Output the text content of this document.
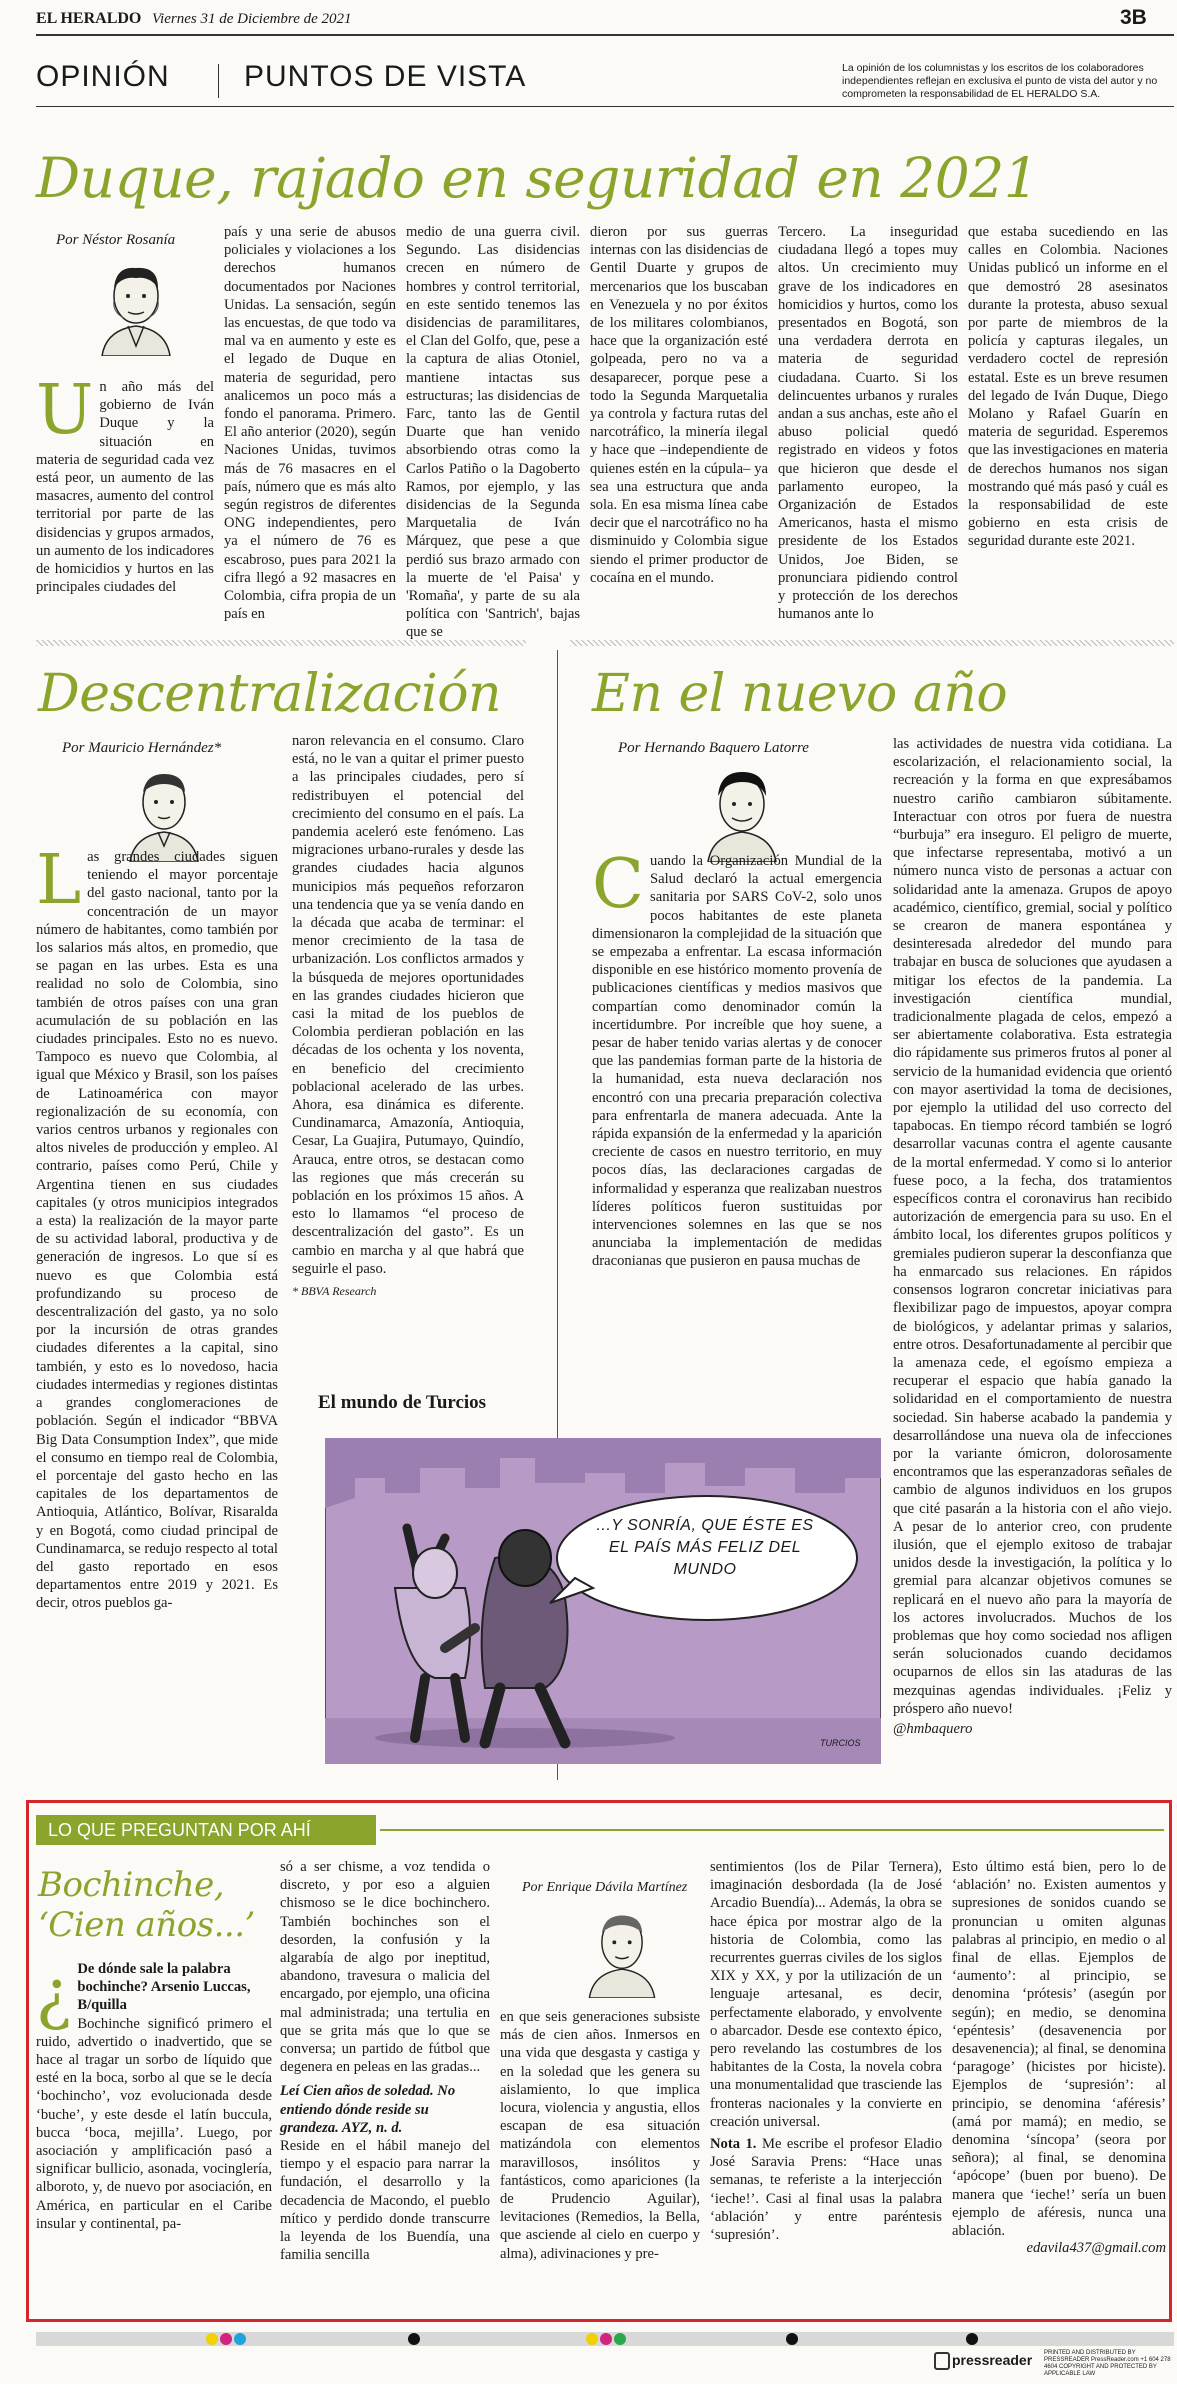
EL HERALDO Viernes 31 de Diciembre de 2021	3B
OPINIÓN PUNTOS DE VISTA	La opinión de los columnistas y los escritos de los colaboradores independientes reflejan en exclusiva el punto de vista del autor y no comprometen la responsabilidad de EL HERALDO S.A.
Duque, rajado en seguridad en 2021
Por Néstor Rosanía
Un año más del gobierno de Iván Duque y la situación en materia de seguridad cada vez está peor, un aumento de las masacres, aumento del control territorial por parte de las disidencias y grupos armados, un aumento de los indicadores de homicidios y hurtos en las principales ciudades del
país y una serie de abusos policiales y violaciones a los derechos humanos documentados por Naciones Unidas. La sensación, según las encuestas, de que todo va mal va en aumento y este es el legado de Duque en materia de seguridad, pero analicemos un poco más a fondo el panorama. Primero. El año anterior (2020), según Naciones Unidas, tuvimos más de 76 masacres en el país, número que es más alto según registros de diferentes ONG independientes, pero ya el número de 76 es escabroso, pues para 2021 la cifra llegó a 92 masacres en Colombia, cifra propia de un país en
medio de una guerra civil. Segundo. Las disidencias crecen en número de hombres y control territorial, en este sentido tenemos las disidencias de paramilitares, el Clan del Golfo, que, pese a la captura de alias Otoniel, mantiene intactas sus estructuras; las disidencias de Farc, tanto las de Gentil Duarte que han venido absorbiendo otras como la Carlos Patiño o la Dagoberto Ramos, por ejemplo, y las disidencias de la Segunda Marquetalia de Iván Márquez, que pese a que perdió sus brazo armado con la muerte de 'el Paisa' y 'Romaña', y parte de su ala política con 'Santrich', bajas que se
dieron por sus guerras internas con las disidencias de Gentil Duarte y grupos de mercenarios que los buscaban en Venezuela y no por éxitos de los militares colombianos, hace que la organización esté golpeada, pero no va a desaparecer, porque pese a todo la Segunda Marquetalia ya controla y factura rutas del narcotráfico, la minería ilegal y hace que –independiente de quienes estén en la cúpula– ya sea una estructura que anda sola. En esa misma línea cabe decir que el narcotráfico no ha disminuido y Colombia sigue siendo el primer productor de cocaína en el mundo.
Tercero. La inseguridad ciudadana llegó a topes muy altos. Un crecimiento muy grave de los indicadores en homicidios y hurtos, como los presentados en Bogotá, son una verdadera derrota en materia de seguridad ciudadana. Cuarto. Si los delincuentes urbanos y rurales andan a sus anchas, este año el abuso policial quedó registrado en videos y fotos que hicieron que desde el parlamento europeo, la Organización de Estados Americanos, hasta el mismo presidente de los Estados Unidos, Joe Biden, se pronunciara pidiendo control y protección de los derechos humanos ante lo
que estaba sucediendo en las calles en Colombia. Naciones Unidas publicó un informe en el que demostró 28 asesinatos durante la protesta, abuso sexual por parte de miembros de la policía y capturas ilegales, un verdadero coctel de represión estatal. Este es un breve resumen del legado de Iván Duque, Diego Molano y Rafael Guarín en materia de seguridad. Esperemos que las investigaciones en materia de derechos humanos nos sigan mostrando qué más pasó y cuál es la responsabilidad de este gobierno en esta crisis de seguridad durante este 2021.
Descentralización
Por Mauricio Hernández*
Las grandes ciudades siguen teniendo el mayor porcentaje del gasto nacional, tanto por la concentración de un mayor número de habitantes, como también por los salarios más altos, en promedio, que se pagan en las urbes. Esta es una realidad no solo de Colombia, sino también de otros países con una gran acumulación de su población en las ciudades principales. Esto no es nuevo. Tampoco es nuevo que Colombia, al igual que México y Brasil, son los países de Latinoamérica con mayor regionalización de su economía, con varios centros urbanos y regionales con altos niveles de producción y empleo. Al contrario, países como Perú, Chile y Argentina tienen en sus ciudades capitales (y otros municipios integrados a esta) la realización de la mayor parte de su actividad laboral, productiva y de generación de ingresos. Lo que sí es nuevo es que Colombia está profundizando su proceso de descentralización del gasto, ya no solo por la incursión de otras grandes ciudades diferentes a la capital, sino también, y esto es lo novedoso, hacia ciudades intermedias y regiones distintas a grandes conglomeraciones de población. Según el indicador “BBVA Big Data Consumption Index”, que mide el consumo en tiempo real de Colombia, el porcentaje del gasto hecho en las capitales de los departamentos de Antioquia, Atlántico, Bolívar, Risaralda y en Bogotá, como ciudad principal de Cundinamarca, se redujo respecto al total del gasto reportado en esos departamentos entre 2019 y 2021. Es decir, otros pueblos ga-
naron relevancia en el consumo. Claro está, no le van a quitar el primer puesto a las principales ciudades, pero sí redistribuyen el potencial del crecimiento del consumo en el país. La pandemia aceleró este fenómeno. Las migraciones urbano-rurales y desde las grandes ciudades hacia algunos municipios más pequeños reforzaron una tendencia que ya se venía dando en la década que acaba de terminar: el menor crecimiento de la tasa de urbanización. Los conflictos armados y la búsqueda de mejores oportunidades en las grandes ciudades hicieron que casi la mitad de los pueblos de Colombia perdieran población en las décadas de los ochenta y los noventa, en beneficio del crecimiento poblacional acelerado de las urbes. Ahora, esa dinámica es diferente. Cundinamarca, Amazonía, Antioquia, Cesar, La Guajira, Putumayo, Quindío, Arauca, entre otros, se destacan como las regiones que más crecerán su población en los próximos 15 años. A esto lo llamamos “el proceso de descentralización del gasto”. Es un cambio en marcha y al que habrá que seguirle el paso.
* BBVA Research
En el nuevo año
Por Hernando Baquero Latorre
Cuando la Organización Mundial de la Salud declaró la actual emergencia sanitaria por SARS CoV-2, solo unos pocos habitantes de este planeta dimensionaron la complejidad de la situación que se empezaba a enfrentar. La escasa información disponible en ese histórico momento provenía de publicaciones científicas y medios masivos que compartían como denominador común la incertidumbre. Por increíble que hoy suene, a pesar de haber tenido varias alertas y de conocer que las pandemias forman parte de la historia de la humanidad, esta nueva declaración nos encontró con una precaria preparación colectiva para enfrentarla de manera adecuada. Ante la rápida expansión de la enfermedad y la aparición creciente de casos en nuestro territorio, en muy pocos días, las declaraciones cargadas de informalidad y esperanza que realizaban nuestros líderes políticos fueron sustituidas por intervenciones solemnes en las que se nos anunciaba la implementación de medidas draconianas que pusieron en pausa muchas de
las actividades de nuestra vida cotidiana. La escolarización, el relacionamiento social, la recreación y la forma en que expresábamos nuestro cariño cambiaron súbitamente. Interactuar con otros por fuera de nuestra “burbuja” era inseguro. El peligro de muerte, que infectarse representaba, motivó a un número nunca visto de personas a actuar con solidaridad ante la amenaza. Grupos de apoyo académico, científico, gremial, social y político se crearon de manera espontánea y desinteresada alrededor del mundo para trabajar en busca de soluciones que ayudasen a mitigar los efectos de la pandemia. La investigación científica mundial, tradicionalmente plagada de celos, empezó a ser abiertamente colaborativa. Esta estrategia dio rápidamente sus primeros frutos al poner al servicio de la humanidad evidencia que orientó con mayor asertividad la toma de decisiones, por ejemplo la utilidad del uso correcto del tapabocas. En tiempo récord también se logró desarrollar vacunas contra el agente causante de la mortal enfermedad. Y como si lo anterior fuese poco, a la fecha, dos tratamientos específicos contra el coronavirus han recibido autorización de emergencia para su uso. En el ámbito local, los diferentes grupos políticos y gremiales pudieron superar la desconfianza que ha enmarcado sus relaciones. En rápidos consensos lograron concretar iniciativas para flexibilizar pago de impuestos, apoyar compra de biológicos, y adelantar primas y salarios, entre otros. Desafortunadamente al percibir que la amenaza cede, el egoísmo empieza a recuperar el espacio que había ganado la solidaridad en el comportamiento de nuestra sociedad. Sin haberse acabado la pandemia y desarrollándose una nueva ola de infecciones por la variante ómicron, dolorosamente encontramos que las esperanzadoras señales de cambio de algunos individuos en los grupos que cité pasarán a la historia con el año viejo. A pesar de lo anterior creo, con prudente ilusión, que el ejemplo exitoso de trabajar unidos desde la investigación, la política y lo gremial para alcanzar objetivos comunes se replicará en el nuevo año para la mayoría de los actores involucrados. Muchos de los problemas que hoy como sociedad nos afligen serán solucionados cuando decidamos ocuparnos de ellos sin las ataduras de las mezquinas agendas individuales. ¡Feliz y próspero año nuevo!
@hmbaquero
El mundo de Turcios
...Y SONRÍA, QUE ÉSTE ES EL PAÍS MÁS FELIZ DEL MUNDO
TURCIOS
LO QUE PREGUNTAN POR AHÍ
Bochinche, ‘Cien años...’
¿ De dónde sale la palabra bochinche? Arsenio Luccas, B/quilla
Bochinche significó primero el ruido, advertido o inadvertido, que se hace al tragar un sorbo de líquido que esté en la boca, sorbo al que se le decía ‘bochincho’, voz evolucionada desde ‘buche’, y este desde el latín buccula, bucca ‘boca, mejilla’. Luego, por asociación y amplificación pasó a significar bullicio, asonada, vocinglería, alboroto, y, de nuevo por asociación, en América, en particular en el Caribe insular y continental, pa-
só a ser chisme, a voz tendida o discreto, y por eso a alguien chismoso se le dice bochinchero. También bochinches son el desorden, la confusión y la algarabía de algo por ineptitud, abandono, travesura o malicia del encargado, por ejemplo, una oficina mal administrada; una tertulia en que se grita más que lo que se conversa; un partido de fútbol que degenera en peleas en las gradas...
Leí Cien años de soledad. No entiendo dónde reside su grandeza. AYZ, n. d.
Reside en el hábil manejo del tiempo y el espacio para narrar la fundación, el desarrollo y la decadencia de Macondo, el pueblo mítico y perdido donde transcurre la leyenda de los Buendía, una familia sencilla
Por Enrique Dávila Martínez
en que seis generaciones subsiste más de cien años. Inmersos en una vida que desgasta y castiga y en la soledad que les genera su aislamiento, lo que implica locura, violencia y angustia, ellos escapan de esa situación matizándola con elementos maravillosos, insólitos y fantásticos, como apariciones (la de Prudencio Aguilar), levitaciones (Remedios, la Bella, que asciende al cielo en cuerpo y alma), adivinaciones y pre-
sentimientos (los de Pilar Ternera), imaginación desbordada (la de José Arcadio Buendía)... Además, la obra se hace épica por mostrar algo de la historia de Colombia, como las recurrentes guerras civiles de los siglos XIX y XX, y por la utilización de un lenguaje artesanal, es decir, perfectamente elaborado, y envolvente o abarcador. Desde ese contexto épico, pero revelando las costumbres de los habitantes de la Costa, la novela cobra una monumentalidad que trasciende las fronteras nacionales y la convierte en creación universal.
Nota 1. Me escribe el profesor Eladio José Saravia Prens: “Hace unas semanas, te referiste a la interjección ‘ieche!’. Casi al final usas la palabra ‘ablación’ y entre paréntesis ‘supresión’.
Esto último está bien, pero lo de ‘ablación’ no. Existen aumentos y supresiones de sonidos cuando se pronuncian u omiten algunas palabras al principio, en medio o al final de ellas. Ejemplos de ‘aumento’: al principio, se denomina ‘prótesis’ (asegún por según); en medio, se denomina ‘epéntesis’ (desavenencia por desavenencia); al final, se denomina ‘paragoge’ (hicistes por hiciste). Ejemplos de ‘supresión’: al principio, se denomina ‘aféresis’ (amá por mamá); en medio, se denomina ‘síncopa’ (seora por señora); al final, se denomina ‘apócope’ (buen por bueno). De manera que ‘ieche!’ sería un buen ejemplo de aféresis, nunca una ablación.
edavila437@gmail.com
pressreader PRINTED AND DISTRIBUTED BY PRESSREADER PressReader.com +1 604 278 4604 COPYRIGHT AND PROTECTED BY APPLICABLE LAW
